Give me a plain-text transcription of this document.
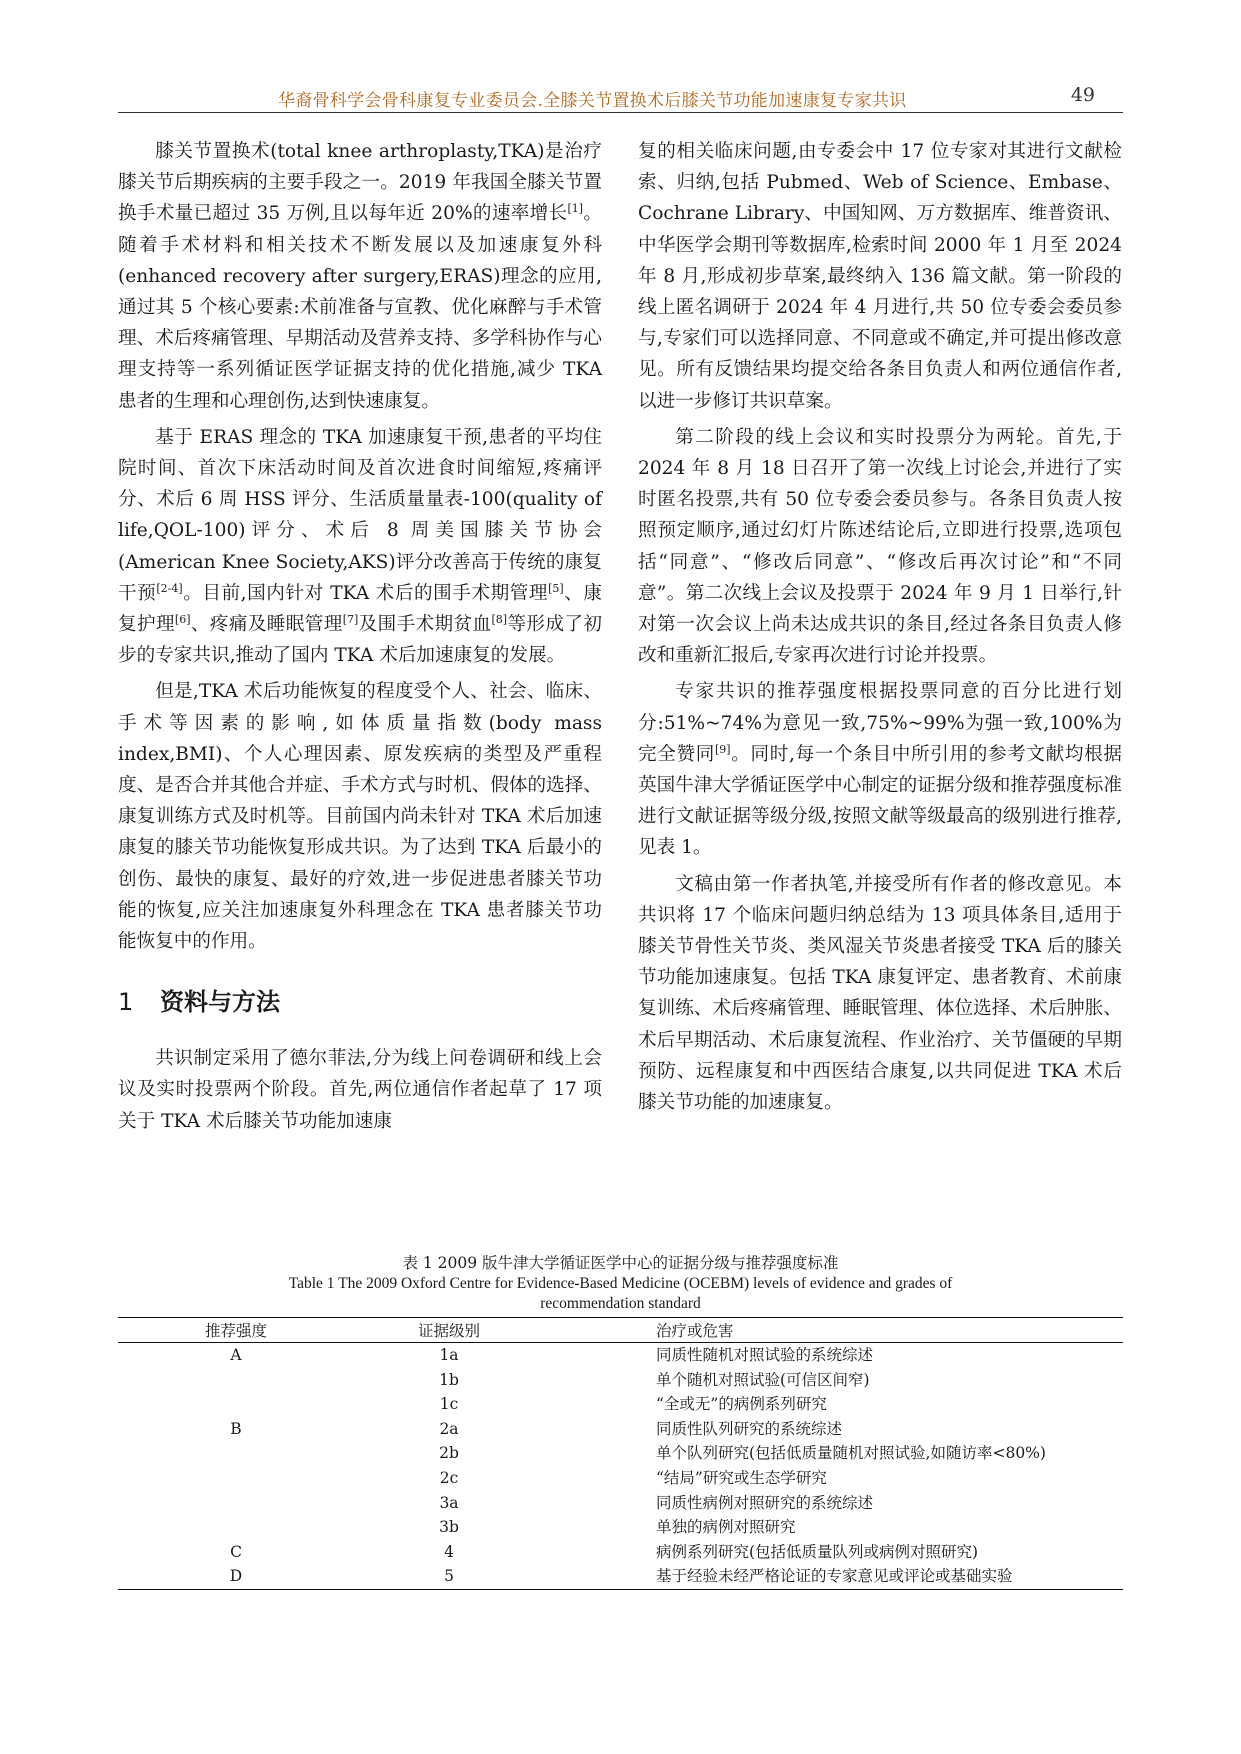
华裔骨科学会骨科康复专业委员会.全膝关节置换术后膝关节功能加速康复专家共识	49

膝关节置换术(total knee arthroplasty,TKA)是治疗膝关节后期疾病的主要手段之一。2019 年我国全膝关节置换手术量已超过 35 万例,且以每年近 20%的速率增长[1]。随着手术材料和相关技术不断发展以及加速康复外科(enhanced recovery after surgery,ERAS)理念的应用,通过其 5 个核心要素:术前准备与宣教、优化麻醉与手术管理、术后疼痛管理、早期活动及营养支持、多学科协作与心理支持等一系列循证医学证据支持的优化措施,减少 TKA 患者的生理和心理创伤,达到快速康复。

基于 ERAS 理念的 TKA 加速康复干预,患者的平均住院时间、首次下床活动时间及首次进食时间缩短,疼痛评分、术后 6 周 HSS 评分、生活质量量表-100(quality of life,QOL-100)评分、术后 8 周美国膝关节协会(American Knee Society,AKS)评分改善高于传统的康复干预[2-4]。目前,国内针对 TKA 术后的围手术期管理[5]、康复护理[6]、疼痛及睡眠管理[7]及围手术期贫血[8]等形成了初步的专家共识,推动了国内 TKA 术后加速康复的发展。

但是,TKA 术后功能恢复的程度受个人、社会、临床、手术等因素的影响,如体质量指数(body mass index,BMI)、个人心理因素、原发疾病的类型及严重程度、是否合并其他合并症、手术方式与时机、假体的选择、康复训练方式及时机等。目前国内尚未针对 TKA 术后加速康复的膝关节功能恢复形成共识。为了达到 TKA 后最小的创伤、最快的康复、最好的疗效,进一步促进患者膝关节功能的恢复,应关注加速康复外科理念在 TKA 患者膝关节功能恢复中的作用。

1 资料与方法

共识制定采用了德尔菲法,分为线上问卷调研和线上会议及实时投票两个阶段。首先,两位通信作者起草了 17 项关于 TKA 术后膝关节功能加速康

复的相关临床问题,由专委会中 17 位专家对其进行文献检索、归纳,包括 Pubmed、Web of Science、Embase、Cochrane Library、中国知网、万方数据库、维普资讯、中华医学会期刊等数据库,检索时间 2000 年 1 月至 2024 年 8 月,形成初步草案,最终纳入 136 篇文献。第一阶段的线上匿名调研于 2024 年 4 月进行,共 50 位专委会委员参与,专家们可以选择同意、不同意或不确定,并可提出修改意见。所有反馈结果均提交给各条目负责人和两位通信作者,以进一步修订共识草案。

第二阶段的线上会议和实时投票分为两轮。首先,于 2024 年 8 月 18 日召开了第一次线上讨论会,并进行了实时匿名投票,共有 50 位专委会委员参与。各条目负责人按照预定顺序,通过幻灯片陈述结论后,立即进行投票,选项包括“同意”、“修改后同意”、“修改后再次讨论”和“不同意”。第二次线上会议及投票于 2024 年 9 月 1 日举行,针对第一次会议上尚未达成共识的条目,经过各条目负责人修改和重新汇报后,专家再次进行讨论并投票。

专家共识的推荐强度根据投票同意的百分比进行划分:51%~74%为意见一致,75%~99%为强一致,100%为完全赞同[9]。同时,每一个条目中所引用的参考文献均根据英国牛津大学循证医学中心制定的证据分级和推荐强度标准进行文献证据等级分级,按照文献等级最高的级别进行推荐,见表 1。

文稿由第一作者执笔,并接受所有作者的修改意见。本共识将 17 个临床问题归纳总结为 13 项具体条目,适用于膝关节骨性关节炎、类风湿关节炎患者接受 TKA 后的膝关节功能加速康复。包括 TKA 康复评定、患者教育、术前康复训练、术后疼痛管理、睡眠管理、体位选择、术后肿胀、术后早期活动、术后康复流程、作业治疗、关节僵硬的早期预防、远程康复和中西医结合康复,以共同促进 TKA 术后膝关节功能的加速康复。

表 1 2009 版牛津大学循证医学中心的证据分级与推荐强度标准
Table 1 The 2009 Oxford Centre for Evidence-Based Medicine (OCEBM) levels of evidence and grades of recommendation standard
推荐强度	证据级别	治疗或危害
A	1a	同质性随机对照试验的系统综述
	1b	单个随机对照试验(可信区间窄)
	1c	“全或无”的病例系列研究
B	2a	同质性队列研究的系统综述
	2b	单个队列研究(包括低质量随机对照试验,如随访率<80%)
	2c	“结局”研究或生态学研究
	3a	同质性病例对照研究的系统综述
	3b	单独的病例对照研究
C	4	病例系列研究(包括低质量队列或病例对照研究)
D	5	基于经验未经严格论证的专家意见或评论或基础实验
